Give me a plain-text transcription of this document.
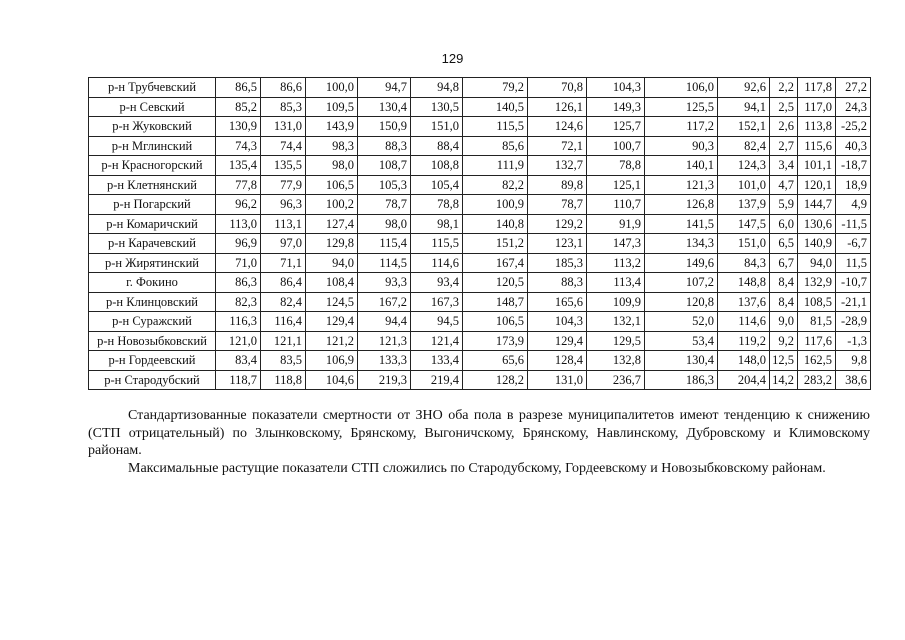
129
р-н Трубчевский	86,5	86,6	100,0	94,7	94,8	79,2	70,8	104,3	106,0	92,6	2,2	117,8	27,2
р-н Севский	85,2	85,3	109,5	130,4	130,5	140,5	126,1	149,3	125,5	94,1	2,5	117,0	24,3
р-н Жуковский	130,9	131,0	143,9	150,9	151,0	115,5	124,6	125,7	117,2	152,1	2,6	113,8	-25,2
р-н Мглинский	74,3	74,4	98,3	88,3	88,4	85,6	72,1	100,7	90,3	82,4	2,7	115,6	40,3
р-н Красногорский	135,4	135,5	98,0	108,7	108,8	111,9	132,7	78,8	140,1	124,3	3,4	101,1	-18,7
р-н Клетнянский	77,8	77,9	106,5	105,3	105,4	82,2	89,8	125,1	121,3	101,0	4,7	120,1	18,9
р-н Погарский	96,2	96,3	100,2	78,7	78,8	100,9	78,7	110,7	126,8	137,9	5,9	144,7	4,9
р-н Комаричский	113,0	113,1	127,4	98,0	98,1	140,8	129,2	91,9	141,5	147,5	6,0	130,6	-11,5
р-н Карачевский	96,9	97,0	129,8	115,4	115,5	151,2	123,1	147,3	134,3	151,0	6,5	140,9	-6,7
р-н Жирятинский	71,0	71,1	94,0	114,5	114,6	167,4	185,3	113,2	149,6	84,3	6,7	94,0	11,5
г. Фокино	86,3	86,4	108,4	93,3	93,4	120,5	88,3	113,4	107,2	148,8	8,4	132,9	-10,7
р-н Клинцовский	82,3	82,4	124,5	167,2	167,3	148,7	165,6	109,9	120,8	137,6	8,4	108,5	-21,1
р-н Суражский	116,3	116,4	129,4	94,4	94,5	106,5	104,3	132,1	52,0	114,6	9,0	81,5	-28,9
р-н Новозыбковский	121,0	121,1	121,2	121,3	121,4	173,9	129,4	129,5	53,4	119,2	9,2	117,6	-1,3
р-н Гордеевский	83,4	83,5	106,9	133,3	133,4	65,6	128,4	132,8	130,4	148,0	12,5	162,5	9,8
р-н Стародубский	118,7	118,8	104,6	219,3	219,4	128,2	131,0	236,7	186,3	204,4	14,2	283,2	38,6
Стандартизованные показатели смертности от ЗНО оба пола в разрезе муниципалитетов имеют тенденцию к снижению (СТП отрицательный) по Злынковскому, Брянскому, Выгоничскому, Брянскому, Навлинскому, Дубровскому и Климовскому районам.
Максимальные растущие показатели СТП сложились по Стародубскому, Гордеевскому и Новозыбковскому районам.
